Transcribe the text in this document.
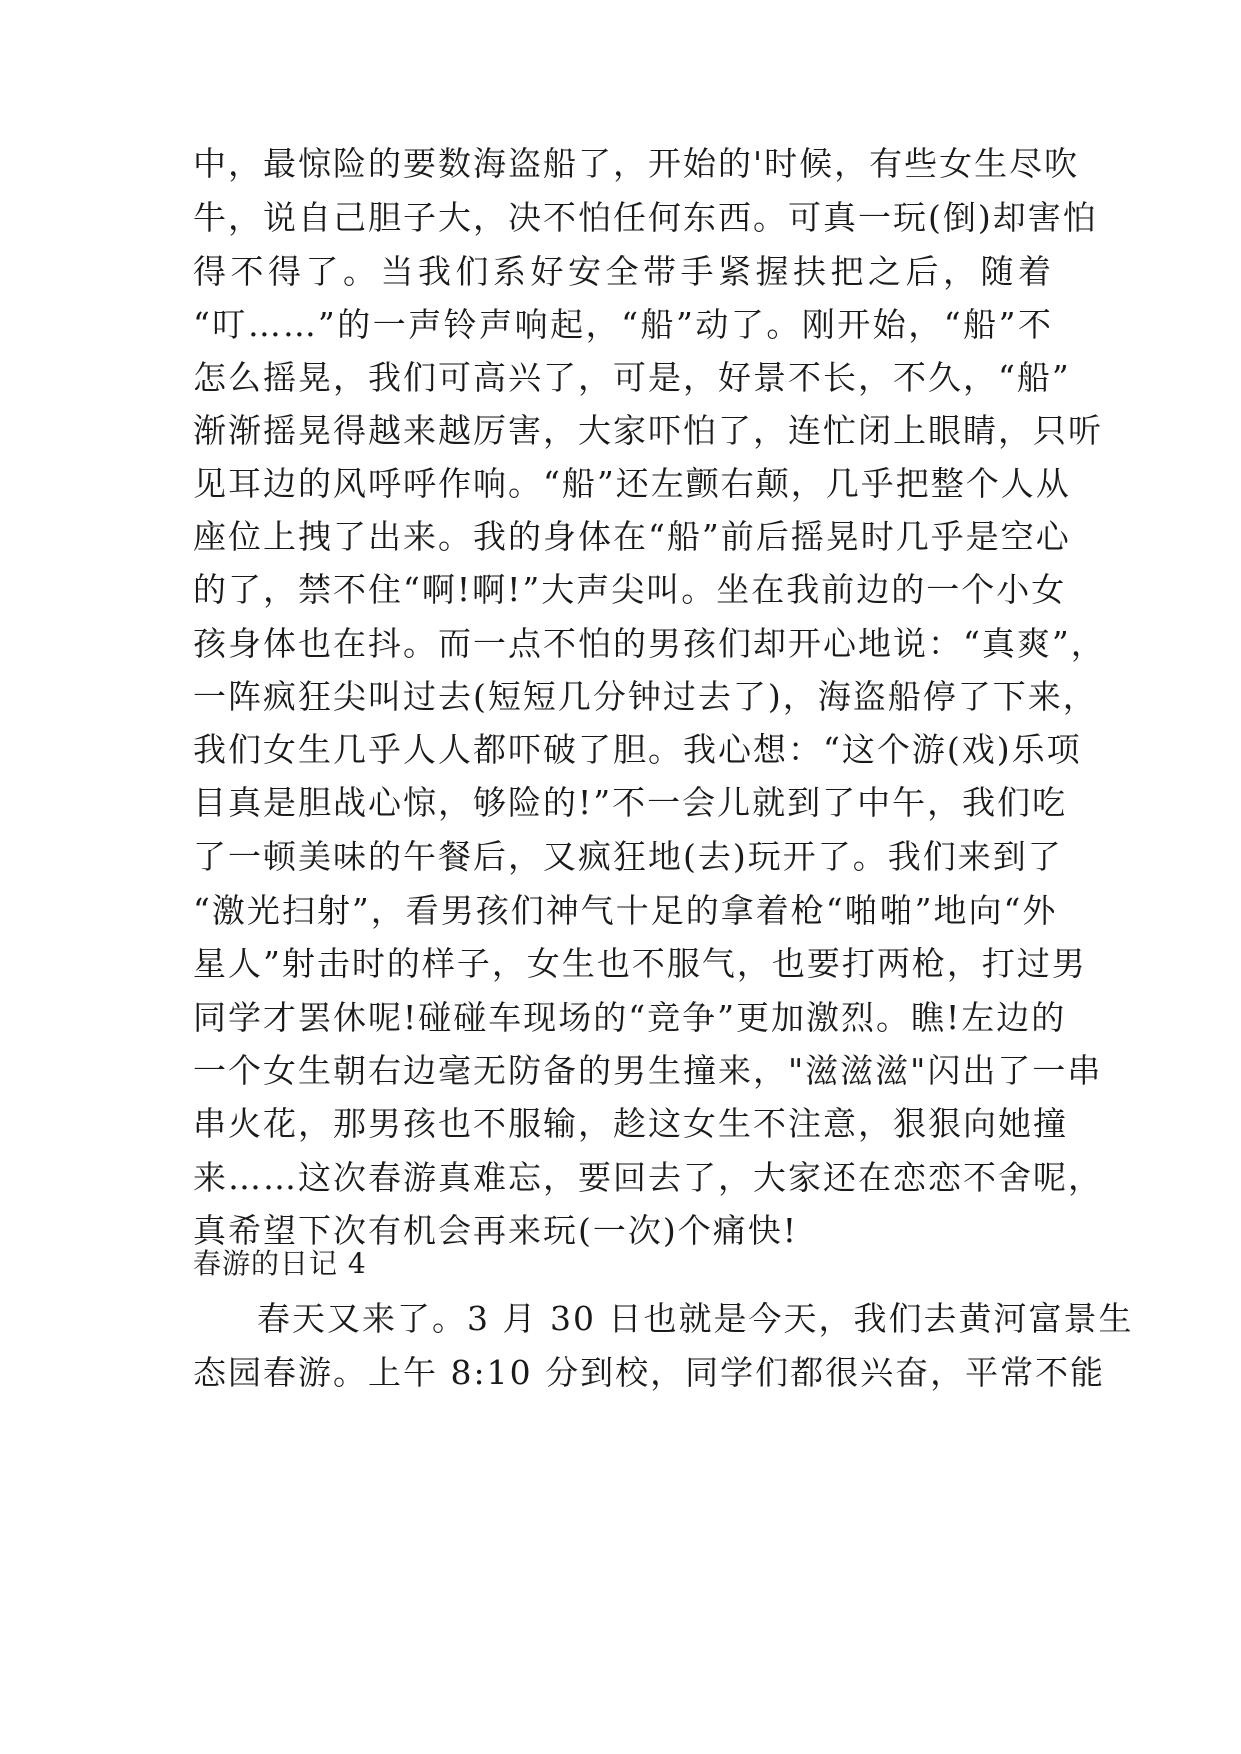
中，最惊险的要数海盗船了，开始的'时候，有些女生尽吹
牛，说自己胆子大，决不怕任何东西。可真一玩(倒)却害怕
得不得了。当我们系好安全带手紧握扶把之后，随着
“叮……”的一声铃声响起，“船”动了。刚开始，“船”不
怎么摇晃，我们可高兴了，可是，好景不长，不久，“船”
渐渐摇晃得越来越厉害，大家吓怕了，连忙闭上眼睛，只听
见耳边的风呼呼作响。“船”还左颤右颠，几乎把整个人从
座位上拽了出来。我的身体在“船”前后摇晃时几乎是空心
的了，禁不住“啊!啊!”大声尖叫。坐在我前边的一个小女
孩身体也在抖。而一点不怕的男孩们却开心地说：“真爽”，
一阵疯狂尖叫过去(短短几分钟过去了)，海盗船停了下来，
我们女生几乎人人都吓破了胆。我心想：“这个游(戏)乐项
目真是胆战心惊，够险的!”不一会儿就到了中午，我们吃
了一顿美味的午餐后，又疯狂地(去)玩开了。我们来到了
“激光扫射”，看男孩们神气十足的拿着枪“啪啪”地向“外
星人”射击时的样子，女生也不服气，也要打两枪，打过男
同学才罢休呢!碰碰车现场的“竞争”更加激烈。瞧!左边的
一个女生朝右边毫无防备的男生撞来，"滋滋滋"闪出了一串
串火花，那男孩也不服输，趁这女生不注意，狠狠向她撞
来……这次春游真难忘，要回去了，大家还在恋恋不舍呢，
真希望下次有机会再来玩(一次)个痛快!
春游的日记 4
春天又来了。3 月 30 日也就是今天，我们去黄河富景生
态园春游。上午 8:10 分到校，同学们都很兴奋，平常不能
